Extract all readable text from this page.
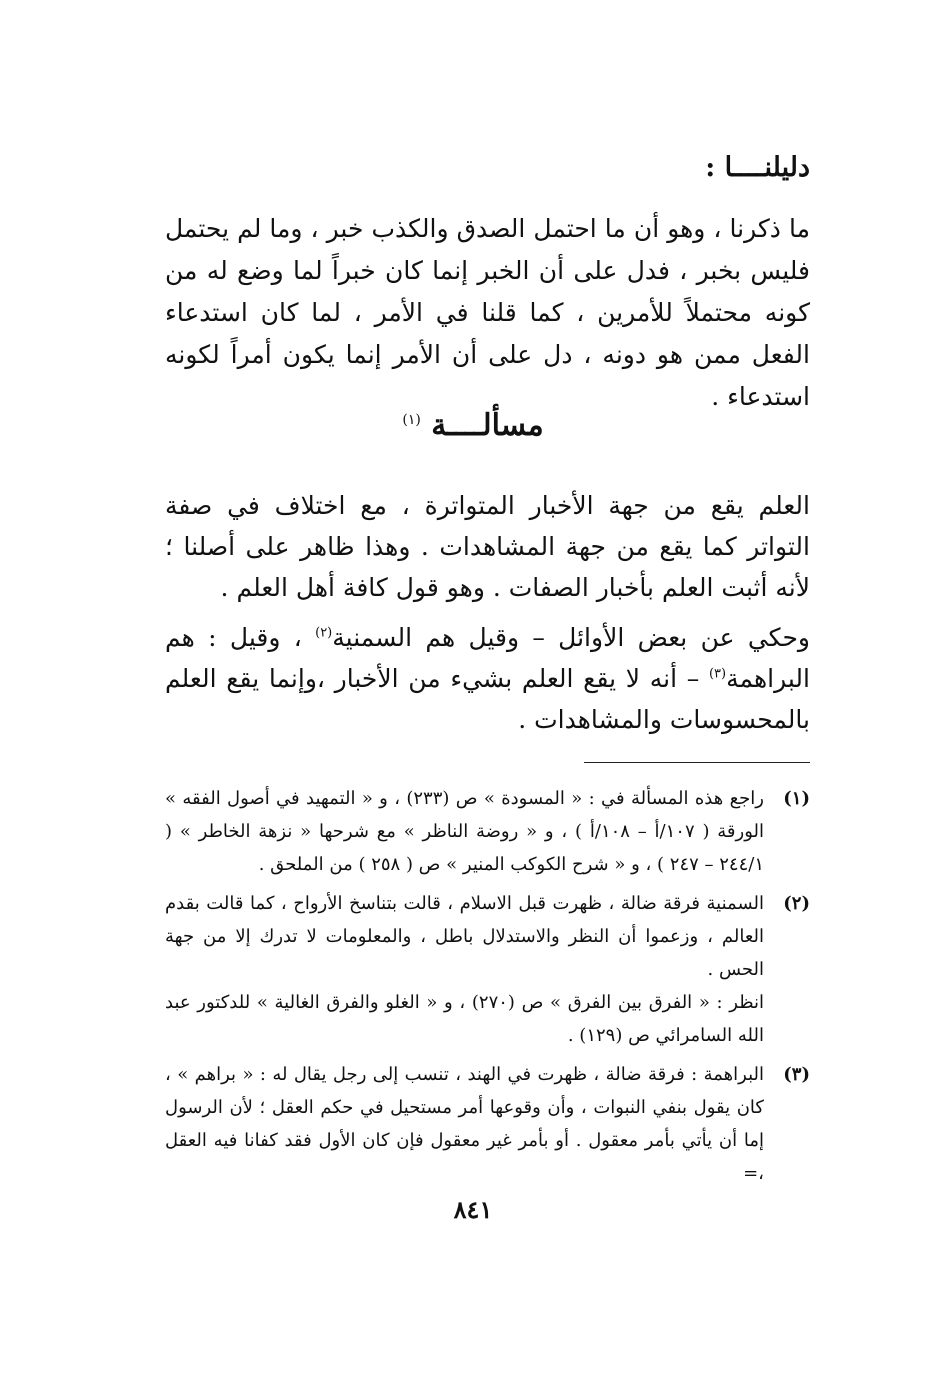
دليلنــــا :
ما ذكرنا ، وهو أن ما احتمل الصدق والكذب خبر ، وما لم يحتمل فليس بخبر ، فدل على أن الخبر إنما كان خبراً لما وضع له من كونه محتملاً للأمرين ، كما قلنا في الأمر ، لما كان استدعاء الفعل ممن هو دونه ، دل على أن الأمر إنما يكون أمراً لكونه استدعاء .
مسألــــة $^{(١)}$
العلم يقع من جهة الأخبار المتواترة ، مع اختلاف في صفة التواتر كما يقع من جهة المشاهدات . وهذا ظاهر على أصلنا ؛ لأنه أثبت العلم بأخبار الصفات . وهو قول كافة أهل العلم .
وحكي عن بعض الأوائل – وقيل هم السمنية$^{(٢)}$ ، وقيل : هم البراهمة$^{(٣)}$ – أنه لا يقع العلم بشيء من الأخبار ،وإنما يقع العلم بالمحسوسات والمشاهدات .
(١)

راجع هذه المسألة في : « المسودة » ص (٢٣٣) ، و « التمهيد في أصول الفقه » الورقة ( ١٠٧/أ – ١٠٨/أ ) ، و « روضة الناظر » مع شرحها « نزهة الخاطر » ( ٢٤٤/١ – ٢٤٧ ) ، و « شرح الكوكب المنير » ص ( ٢٥٨ ) من الملحق .

(٢)

السمنية فرقة ضالة ، ظهرت قبل الاسلام ، قالت بتناسخ الأرواح ، كما قالت بقدم العالم ، وزعموا أن النظر والاستدلال باطل ، والمعلومات لا تدرك إلا من جهة الحس .

انظر : « الفرق بين الفرق » ص (٢٧٠) ، و « الغلو والفرق الغالية » للدكتور عبد الله السامرائي ص (١٢٩) .

(٣)

البراهمة : فرقة ضالة ، ظهرت في الهند ، تنسب إلى رجل يقال له : « براهم » ، كان يقول بنفي النبوات ، وأن وقوعها أمر مستحيل في حكم العقل ؛ لأن الرسول إما أن يأتي بأمر معقول . أو بأمر غير معقول فإن كان الأول فقد كفانا فيه العقل ،=

٨٤١
